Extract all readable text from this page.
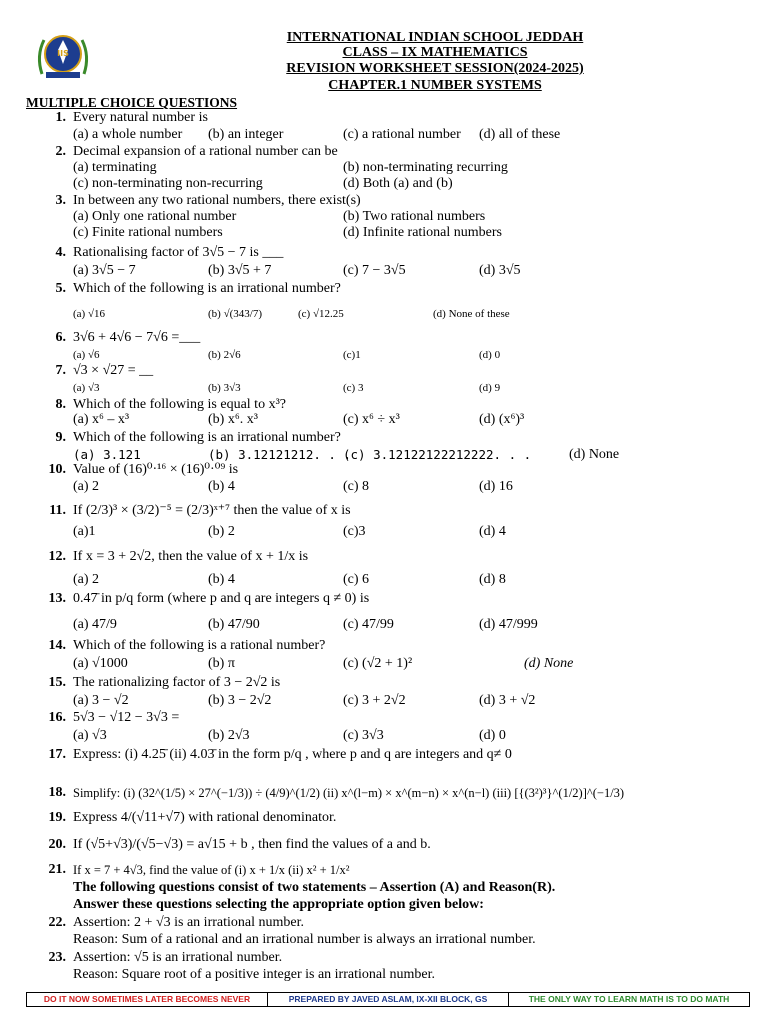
IIS
INTERNATIONAL INDIAN SCHOOL JEDDAH
CLASS – IX MATHEMATICS
REVISION WORKSHEET SESSION(2024-2025)
CHAPTER.1 NUMBER SYSTEMS
MULTIPLE CHOICE QUESTIONS
1. Every natural number is
(a) a whole number (b) an integer	(c) a rational number (d) all of these
2. Decimal expansion of a rational number can be
(a) terminating	(b) non-terminating recurring
(c) non-terminating non-recurring	(d) Both (a) and (b)
3. In between any two rational numbers, there exist(s)
(a) Only one rational number	(b) Two rational numbers
(c) Finite rational numbers	(d) Infinite rational numbers
4. Rationalising factor of 3√5 − 7 is ___
(a) 3√5 − 7	(b) 3√5 + 7	(c) 7 − 3√5	(d) 3√5
5. Which of the following is an irrational number?
(a) √16	(b) √(343/7)	(c) √12.25	(d) None of these
6. 3√6 + 4√6 − 7√6 =___
(a) √6	(b) 2√6	(c)1	(d) 0
7. √3 × √27 = __
(a) √3	(b) 3√3	(c) 3	(d) 9
8. Which of the following is equal to x³?
(a) x⁶ – x³	(b) x⁶. x³	(c) x⁶ ÷ x³	(d) (x⁶)³
9. Which of the following is an irrational number?
(a) 3.121	(b) 3.12121212. . .
(c) 3.12122122212222. . .	(d) None
10. Value of (16)⁰·¹⁶ × (16)⁰·⁰⁹ is
(a) 2	(b) 4	(c) 8	(d) 16
11. If (2/3)³ × (3/2)⁻⁵ = (2/3)ˣ⁺⁷ then the value of x is
(a)1	(b) 2	(c)3	(d) 4
12. If x = 3 + 2√2, then the value of x + 1/x is
(a) 2	(b) 4	(c) 6	(d) 8
13. 0.47̄ in p/q form (where p and q are integers q ≠ 0) is
(a) 47/9	(b) 47/90	(c) 47/99	(d) 47/999
14. Which of the following is a rational number?
(a) √1000	(b) π	(c) (√2 + 1)²	(d) None
15. The rationalizing factor of 3 − 2√2 is
(a) 3 − √2	(b) 3 − 2√2	(c) 3 + 2√2	(d) 3 + √2
16. 5√3 − √12 − 3√3 =
(a) √3	(b) 2√3	(c) 3√3	(d) 0
17. Express: (i) 4.25̄ (ii) 4.03̄ in the form p/q , where p and q are integers and q≠ 0
18. Simplify: (i) (32^(1/5) × 27^(−1/3)) ÷ (4/9)^(1/2) (ii) x^(l−m) × x^(m−n) × x^(n−l) (iii) [{(3²)³}^(1/2)]^(−1/3)
19. Express 4/(√11+√7) with rational denominator.
20. If (√5+√3)/(√5−√3) = a√15 + b , then find the values of a and b.
21. If x = 7 + 4√3, find the value of (i) x + 1/x (ii) x² + 1/x²
The following questions consist of two statements – Assertion (A) and Reason(R).
Answer these questions selecting the appropriate option given below:
22. Assertion: 2 + √3 is an irrational number.
Reason: Sum of a rational and an irrational number is always an irrational number.
23. Assertion: √5 is an irrational number.
Reason: Square root of a positive integer is an irrational number.
DO IT NOW SOMETIMES LATER BECOMES NEVER	PREPARED BY JAVED ASLAM, IX-XII BLOCK, GS	THE ONLY WAY TO LEARN MATH IS TO DO MATH
